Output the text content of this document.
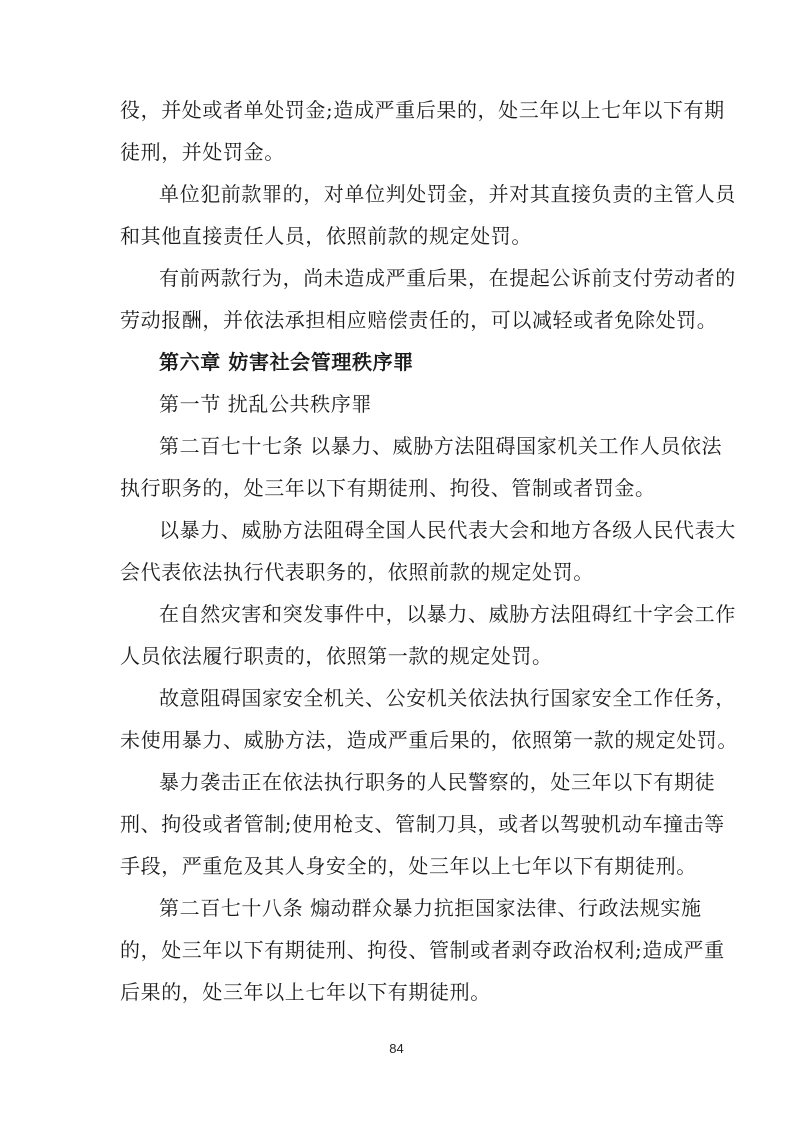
役，并处或者单处罚金;造成严重后果的，处三年以上七年以下有期
徒刑，并处罚金。
单位犯前款罪的，对单位判处罚金，并对其直接负责的主管人员
和其他直接责任人员，依照前款的规定处罚。
有前两款行为，尚未造成严重后果，在提起公诉前支付劳动者的
劳动报酬，并依法承担相应赔偿责任的，可以减轻或者免除处罚。
第六章 妨害社会管理秩序罪
第一节 扰乱公共秩序罪
第二百七十七条 以暴力、威胁方法阻碍国家机关工作人员依法
执行职务的，处三年以下有期徒刑、拘役、管制或者罚金。
以暴力、威胁方法阻碍全国人民代表大会和地方各级人民代表大
会代表依法执行代表职务的，依照前款的规定处罚。
在自然灾害和突发事件中，以暴力、威胁方法阻碍红十字会工作
人员依法履行职责的，依照第一款的规定处罚。
故意阻碍国家安全机关、公安机关依法执行国家安全工作任务，
未使用暴力、威胁方法，造成严重后果的，依照第一款的规定处罚。
暴力袭击正在依法执行职务的人民警察的，处三年以下有期徒
刑、拘役或者管制;使用枪支、管制刀具，或者以驾驶机动车撞击等
手段，严重危及其人身安全的，处三年以上七年以下有期徒刑。
第二百七十八条 煽动群众暴力抗拒国家法律、行政法规实施
的，处三年以下有期徒刑、拘役、管制或者剥夺政治权利;造成严重
后果的，处三年以上七年以下有期徒刑。
84
